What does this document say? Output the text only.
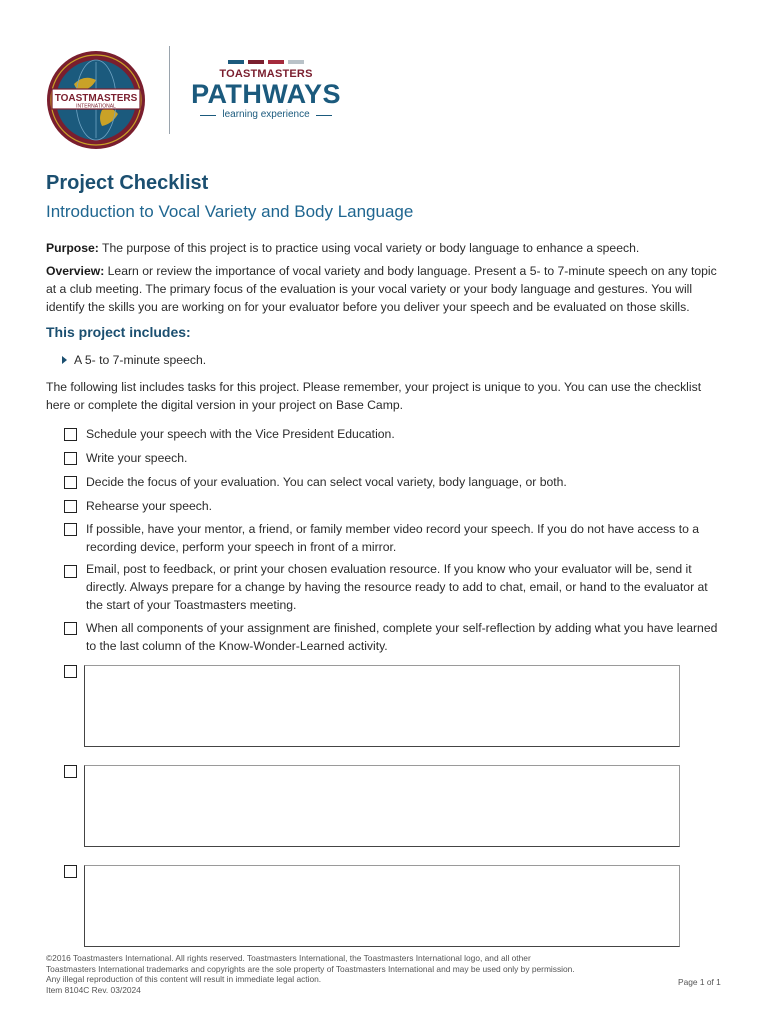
TOASTMASTERS
INTERNATIONAL
TOASTMASTERS
PATHWAYS
learning experience
Project Checklist
Introduction to Vocal Variety and Body Language
Purpose: The purpose of this project is to practice using vocal variety or body language to enhance a speech.
Overview: Learn or review the importance of vocal variety and body language. Present a 5- to 7-minute speech on any topic at a club meeting. The primary focus of the evaluation is your vocal variety or your body language and gestures. You will identify the skills you are working on for your evaluator before you deliver your speech and be evaluated on those skills.
This project includes:
A 5- to 7-minute speech.
The following list includes tasks for this project. Please remember, your project is unique to you. You can use the checklist here or complete the digital version in your project on Base Camp.
Schedule your speech with the Vice President Education.
Write your speech.
Decide the focus of your evaluation. You can select vocal variety, body language, or both.
Rehearse your speech.
If possible, have your mentor, a friend, or family member video record your speech. If you do not have access to a recording device, perform your speech in front of a mirror.
Email, post to feedback, or print your chosen evaluation resource. If you know who your evaluator will be, send it directly. Always prepare for a change by having the resource ready to add to chat, email, or hand to the evaluator at the start of your Toastmasters meeting.
When all components of your assignment are finished, complete your self-reflection by adding what you have learned to the last column of the Know-Wonder-Learned activity.
©2016 Toastmasters International. All rights reserved. Toastmasters International, the Toastmasters International logo, and all other Toastmasters International trademarks and copyrights are the sole property of Toastmasters International and may be used only by permission. Any illegal reproduction of this content will result in immediate legal action.
Item 8104C Rev. 03/2024
Page 1 of 1
